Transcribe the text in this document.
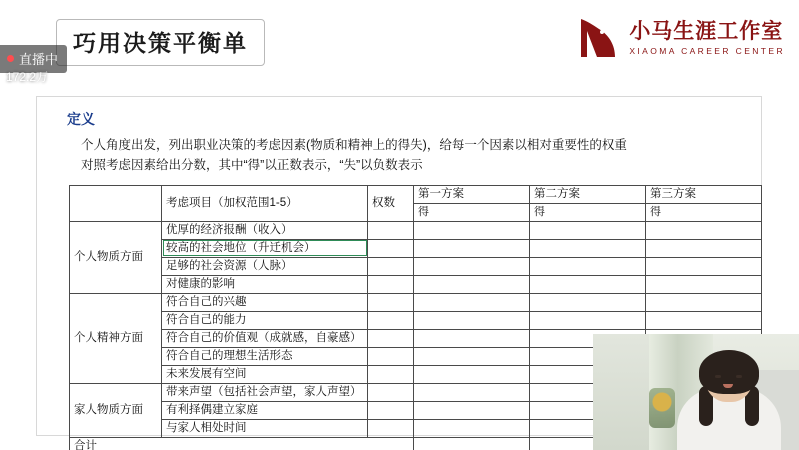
巧用决策平衡单	小马生涯工作室
XIAOMA CAREER CENTER
直播中
172.2万
定义
个人角度出发，列出职业决策的考虑因素(物质和精神上的得失)，给每一个因素以相对重要性的权重
对照考虑因素给出分数，其中“得”以正数表示，“失”以负数表示
	考虑项目（加权范围1-5）	权数	第一方案	第二方案	第三方案
			得	得	得
个人物质方面	优厚的经济报酬（收入）				
	较高的社会地位（升迁机会）				
	足够的社会资源（人脉）				
	对健康的影响				
个人精神方面	符合自己的兴趣				
	符合自己的能力				
	符合自己的价值观（成就感，自豪感）				
	符合自己的理想生活形态				
	未来发展有空间				
家人物质方面	带来声望（包括社会声望，家人声望）				
	有利择偶建立家庭				
	与家人相处时间				
合计					
